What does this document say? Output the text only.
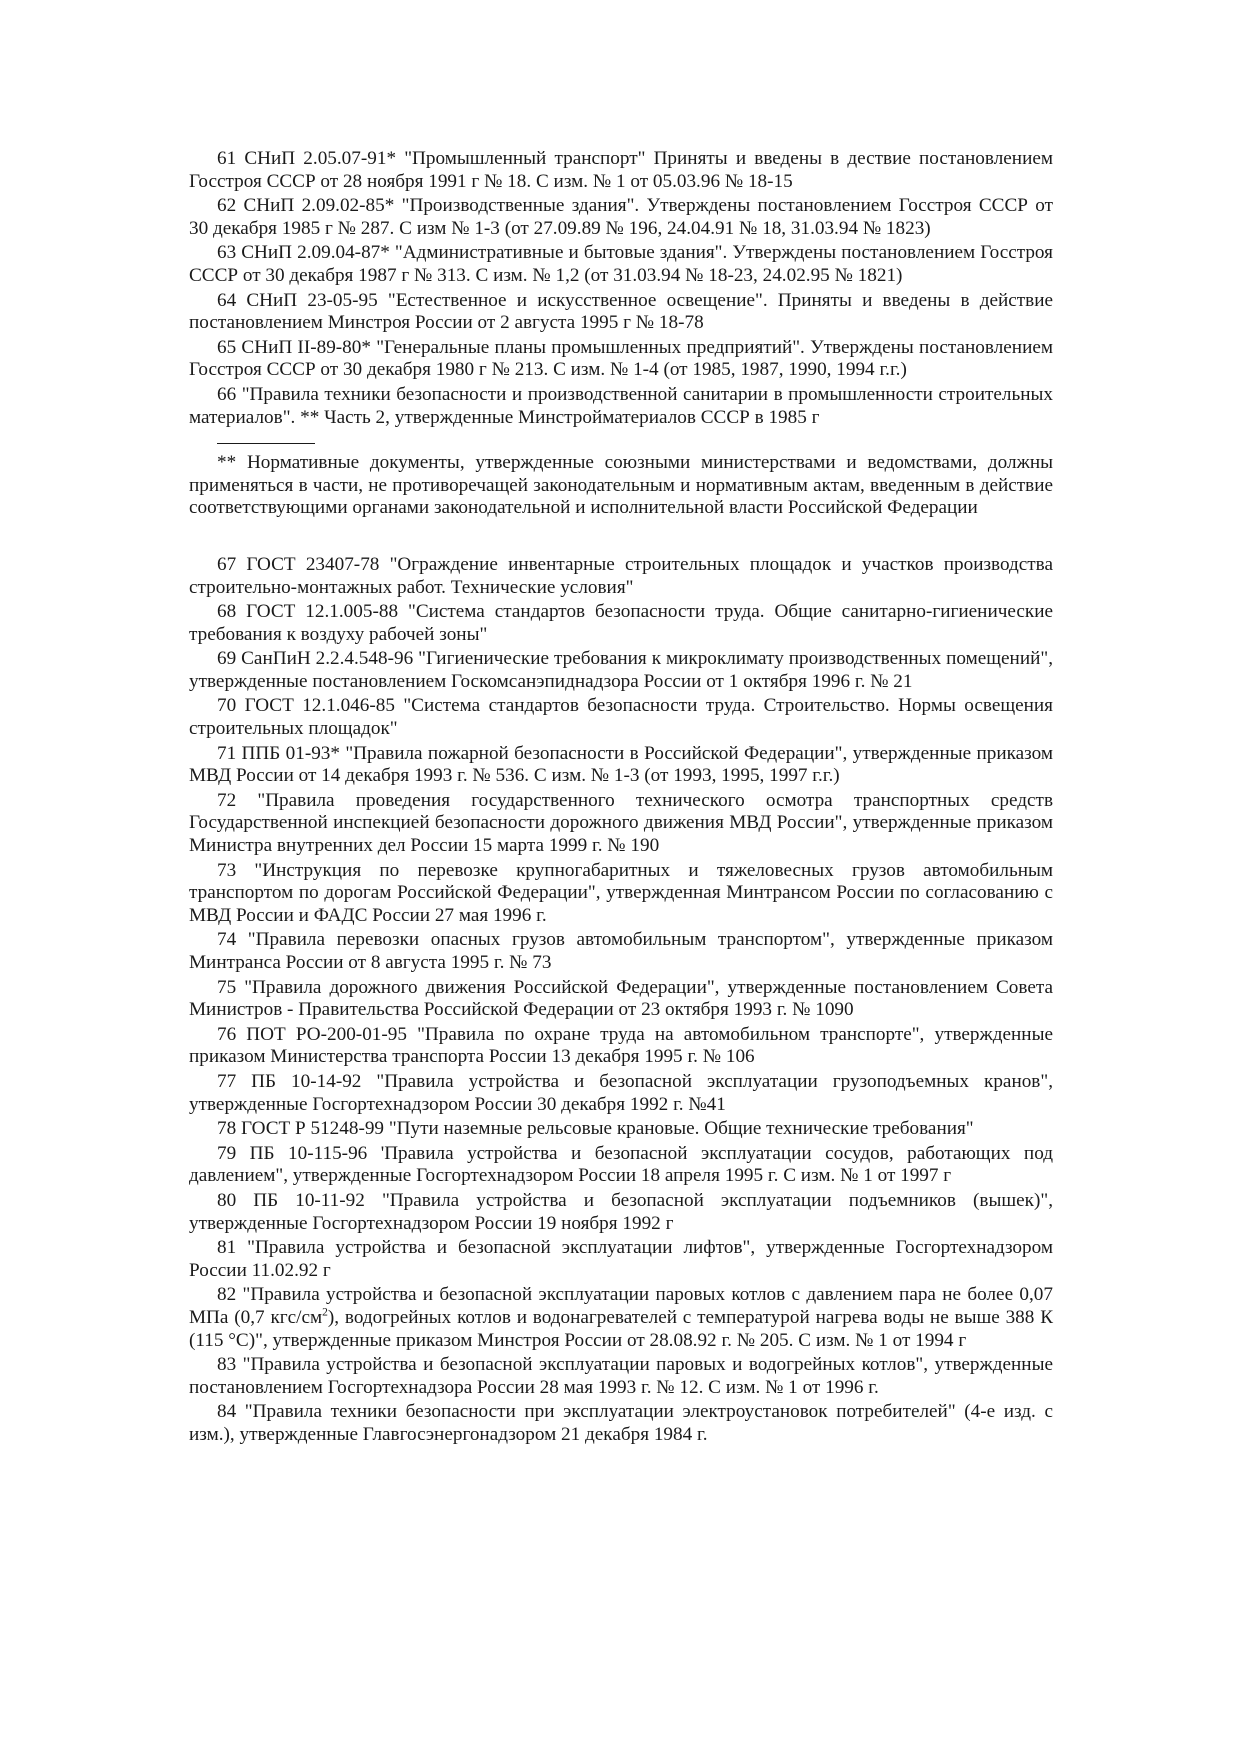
61 СНиП 2.05.07-91* "Промышленный транспорт" Приняты и введены в дествие постановлением Госстроя СССР от 28 ноября 1991 г № 18. С изм. № 1 от 05.03.96 № 18-15

62 СНиП 2.09.02-85* "Производственные здания". Утверждены постановлением Госстроя СССР от 30 декабря 1985 г № 287. С изм № 1-3 (от 27.09.89 № 196, 24.04.91 № 18, 31.03.94 № 1823)

63 СНиП 2.09.04-87* "Административные и бытовые здания". Утверждены постановлением Госстроя СССР от 30 декабря 1987 г № 313. С изм. № 1,2 (от 31.03.94 № 18-23, 24.02.95 № 1821)

64 СНиП 23-05-95 "Естественное и искусственное освещение". Приняты и введены в действие постановлением Минстроя России от 2 августа 1995 г № 18-78

65 СНиП II-89-80* "Генеральные планы промышленных предприятий". Утверждены постановлением Госстроя СССР от 30 декабря 1980 г № 213. С изм. № 1-4 (от 1985, 1987, 1990, 1994 г.г.)

66 "Правила техники безопасности и производственной санитарии в промышленности строительных материалов". ** Часть 2, утвержденные Минстройматериалов СССР в 1985 г

** Нормативные документы, утвержденные союзными министерствами и ведомствами, должны применяться в части, не противоречащей законодательным и нормативным актам, введенным в действие соответствующими органами законодательной и исполнительной власти Российской Федерации

67 ГОСТ 23407-78 "Ограждение инвентарные строительных площадок и участков производства строительно-монтажных работ. Технические условия"

68 ГОСТ 12.1.005-88 "Система стандартов безопасности труда. Общие санитарно-гигиенические требования к воздуху рабочей зоны"

69 СанПиН 2.2.4.548-96 "Гигиенические требования к микроклимату производственных помещений", утвержденные постановлением Госкомсанэпиднадзора России от 1 октября 1996 г. № 21

70 ГОСТ 12.1.046-85 "Система стандартов безопасности труда. Строительство. Нормы освещения строительных площадок"

71 ППБ 01-93* "Правила пожарной безопасности в Российской Федерации", утвержденные приказом МВД России от 14 декабря 1993 г. № 536. С изм. № 1-3 (от 1993, 1995, 1997 г.г.)

72 "Правила проведения государственного технического осмотра транспортных средств Государственной инспекцией безопасности дорожного движения МВД России", утвержденные приказом Министра внутренних дел России 15 марта 1999 г. № 190

73 "Инструкция по перевозке крупногабаритных и тяжеловесных грузов автомобильным транспортом по дорогам Российской Федерации", утвержденная Минтрансом России по согласованию с МВД России и ФАДС России 27 мая 1996 г.

74 "Правила перевозки опасных грузов автомобильным транспортом", утвержденные приказом Минтранса России от 8 августа 1995 г. № 73

75 "Правила дорожного движения Российской Федерации", утвержденные постановлением Совета Министров - Правительства Российской Федерации от 23 октября 1993 г. № 1090

76 ПОТ РО-200-01-95 "Правила по охране труда на автомобильном транспорте", утвержденные приказом Министерства транспорта России 13 декабря 1995 г. № 106

77 ПБ 10-14-92 "Правила устройства и безопасной эксплуатации грузоподъемных кранов", утвержденные Госгортехнадзором России 30 декабря 1992 г. №41

78 ГОСТ Р 51248-99 "Пути наземные рельсовые крановые. Общие технические требования"

79 ПБ 10-115-96 'Правила устройства и безопасной эксплуатации сосудов, работающих под давлением", утвержденные Госгортехнадзором России 18 апреля 1995 г. С изм. № 1 от 1997 г

80 ПБ 10-11-92 "Правила устройства и безопасной эксплуатации подъемников (вышек)", утвержденные Госгортехнадзором России 19 ноября 1992 г

81 "Правила устройства и безопасной эксплуатации лифтов", утвержденные Госгортехнадзором России 11.02.92 г

82 "Правила устройства и безопасной эксплуатации паровых котлов с давлением пара не более 0,07 МПа (0,7 кгс/$см^2$), водогрейных котлов и водонагревателей с температурой нагрева воды не выше 388 К (115 °С)", утвержденные приказом Минстроя России от 28.08.92 г. № 205. С изм. № 1 от 1994 г

83 "Правила устройства и безопасной эксплуатации паровых и водогрейных котлов", утвержденные постановлением Госгортехнадзора России 28 мая 1993 г. № 12. С изм. № 1 от 1996 г.

84 "Правила техники безопасности при эксплуатации электроустановок потребителей" (4-е изд. с изм.), утвержденные Главгосэнергонадзором 21 декабря 1984 г.
